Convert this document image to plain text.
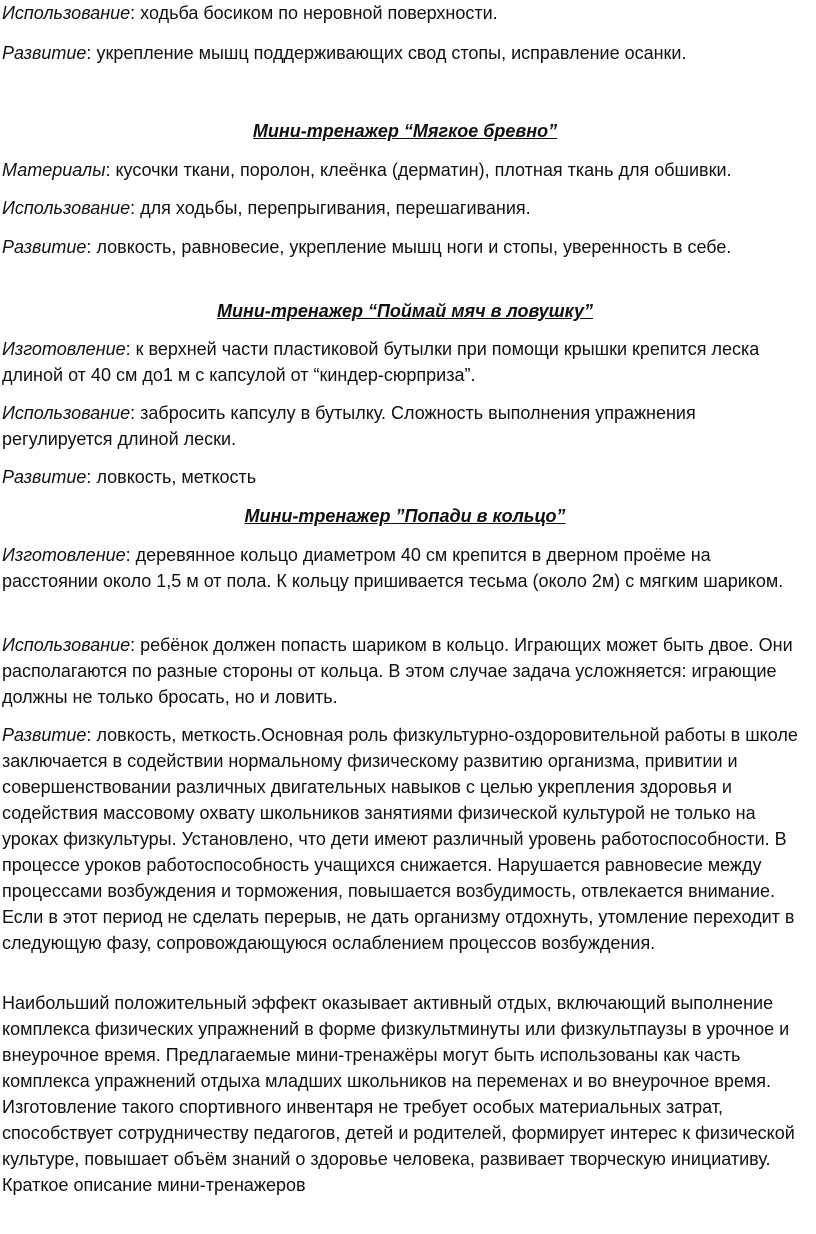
Использование: ходьба босиком по неровной поверхности.

Развитие: укрепление мышц поддерживающих свод стопы, исправление осанки.

Мини-тренажер “Мягкое бревно”

Материалы: кусочки ткани, поролон, клеёнка (дерматин), плотная ткань для обшивки.

Использование: для ходьбы, перепрыгивания, перешагивания.

Развитие: ловкость, равновесие, укрепление мышц ноги и стопы, уверенность в себе.

Мини-тренажер “Поймай мяч в ловушку”

Изготовление: к верхней части пластиковой бутылки при помощи крышки крепится леска длиной от 40 см до1 м с капсулой от “киндер-сюрприза”.

Использование: забросить капсулу в бутылку. Сложность выполнения упражнения регулируется длиной лески.

Развитие: ловкость, меткость

Мини-тренажер ”Попади в кольцо”

Изготовление: деревянное кольцо диаметром 40 см крепится в дверном проёме на расстоянии около 1,5 м от пола. К кольцу пришивается тесьма (около 2м) с мягким шариком.

Использование: ребёнок должен попасть шариком в кольцо. Играющих может быть двое. Они располагаются по разные стороны от кольца. В этом случае задача усложняется: играющие должны не только бросать, но и ловить.

Развитие: ловкость, меткость.Основная роль физкультурно-оздоровительной работы в школе заключается в содействии нормальному физическому развитию организма, привитии и совершенствовании различных двигательных навыков с целью укрепления здоровья и содействия массовому охвату школьников занятиями физической культурой не только на уроках физкультуры. Установлено, что дети имеют различный уровень работоспособности. В процессе уроков работоспособность учащихся снижается. Нарушается равновесие между процессами возбуждения и торможения, повышается возбудимость, отвлекается внимание. Если в этот период не сделать перерыв, не дать организму отдохнуть, утомление переходит в следующую фазу, сопровождающуюся ослаблением процессов возбуждения.

Наибольший положительный эффект оказывает активный отдых, включающий выполнение комплекса физических упражнений в форме физкультминуты или физкультпаузы в урочное и внеурочное время. Предлагаемые мини-тренажёры могут быть использованы как часть комплекса упражнений отдыха младших школьников на переменах и во внеурочное время. Изготовление такого спортивного инвентаря не требует особых материальных затрат, способствует сотрудничеству педагогов, детей и родителей, формирует интерес к физической культуре, повышает объём знаний о здоровье человека, развивает творческую инициативу. Краткое описание мини-тренажеров
